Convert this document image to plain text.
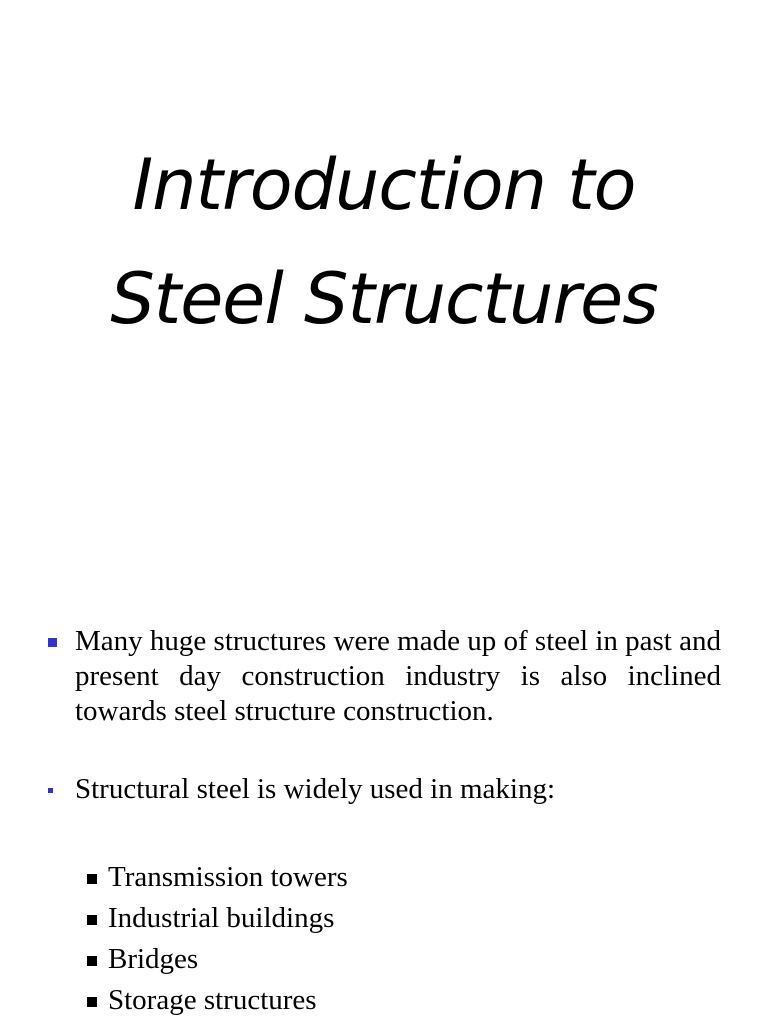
Introduction to
Steel Structures
Many huge structures were made up of steel in past and present day construction industry is also inclined towards steel structure construction.
Structural steel is widely used in making:
Transmission towers
Industrial buildings
Bridges
Storage structures
